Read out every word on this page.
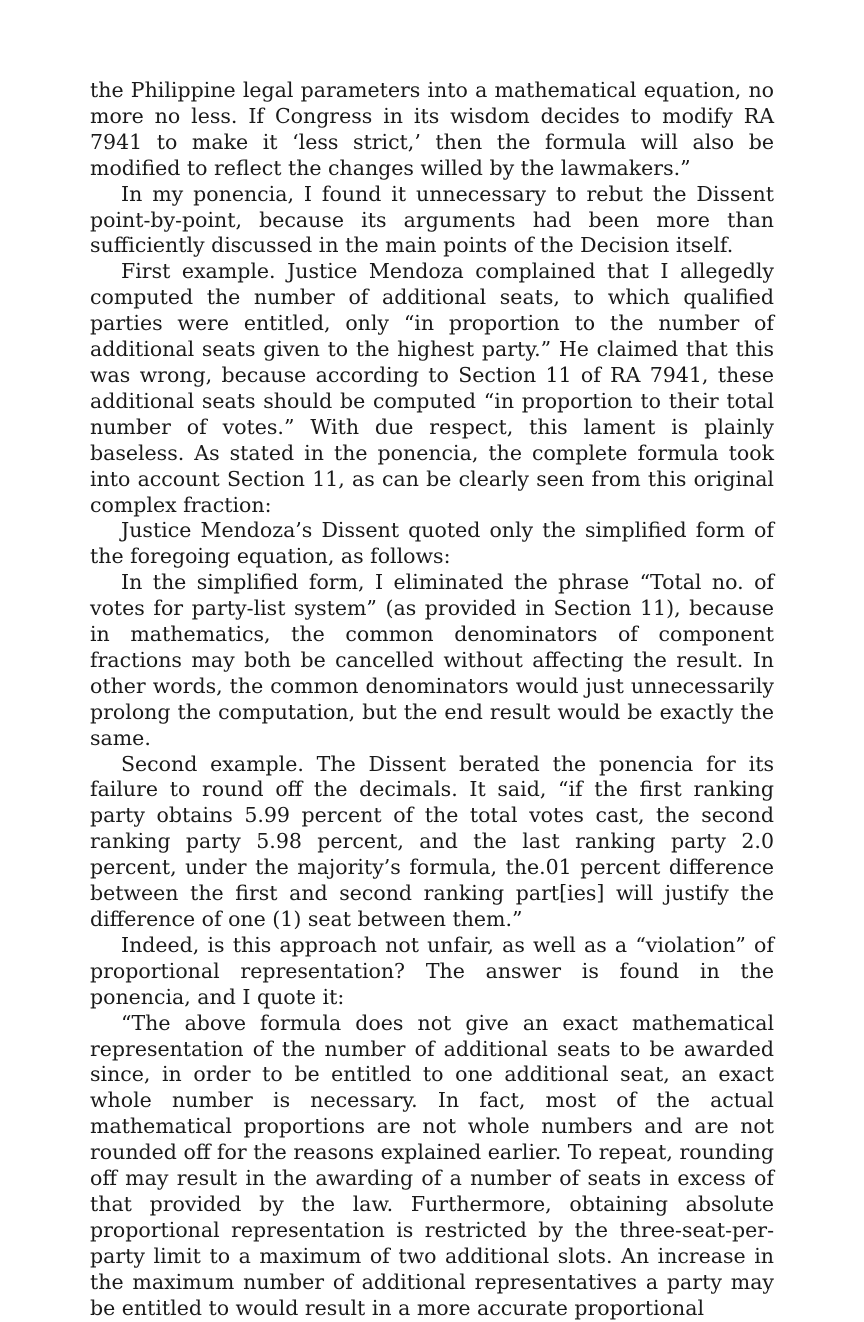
the Philippine legal parameters into a mathematical equation, no more no less. If Congress in its wisdom decides to modify RA 7941 to make it ‘less strict,’ then the formula will also be modified to reflect the changes willed by the lawmakers.”

In my ponencia, I found it unnecessary to rebut the Dissent point-by-point, because its arguments had been more than sufficiently discussed in the main points of the Decision itself.

First example. Justice Mendoza complained that I allegedly computed the number of additional seats, to which qualified parties were entitled, only “in proportion to the number of additional seats given to the highest party.” He claimed that this was wrong, because according to Section 11 of RA 7941, these additional seats should be computed “in proportion to their total number of votes.” With due respect, this lament is plainly baseless. As stated in the ponencia, the complete formula took into account Section 11, as can be clearly seen from this original complex fraction:

Justice Mendoza’s Dissent quoted only the simplified form of the foregoing equation, as follows:

In the simplified form, I eliminated the phrase “Total no. of votes for party-list system” (as provided in Section 11), because in mathematics, the common denominators of component fractions may both be cancelled without affecting the result. In other words, the common denominators would just unnecessarily prolong the computation, but the end result would be exactly the same.

Second example. The Dissent berated the ponencia for its failure to round off the decimals. It said, “if the first ranking party obtains 5.99 percent of the total votes cast, the second ranking party 5.98 percent, and the last ranking party 2.0 percent, under the majority’s formula, the.01 percent difference between the first and second ranking part[ies] will justify the difference of one (1) seat between them.”

Indeed, is this approach not unfair, as well as a “violation” of proportional representation? The answer is found in the ponencia, and I quote it:

“The above formula does not give an exact mathematical representation of the number of additional seats to be awarded since, in order to be entitled to one additional seat, an exact whole number is necessary. In fact, most of the actual mathematical proportions are not whole numbers and are not rounded off for the reasons explained earlier. To repeat, rounding off may result in the awarding of a number of seats in excess of that provided by the law. Furthermore, obtaining absolute proportional representation is restricted by the three-seat-per-party limit to a maximum of two additional slots. An increase in the maximum number of additional representatives a party may be entitled to would result in a more accurate proportional
